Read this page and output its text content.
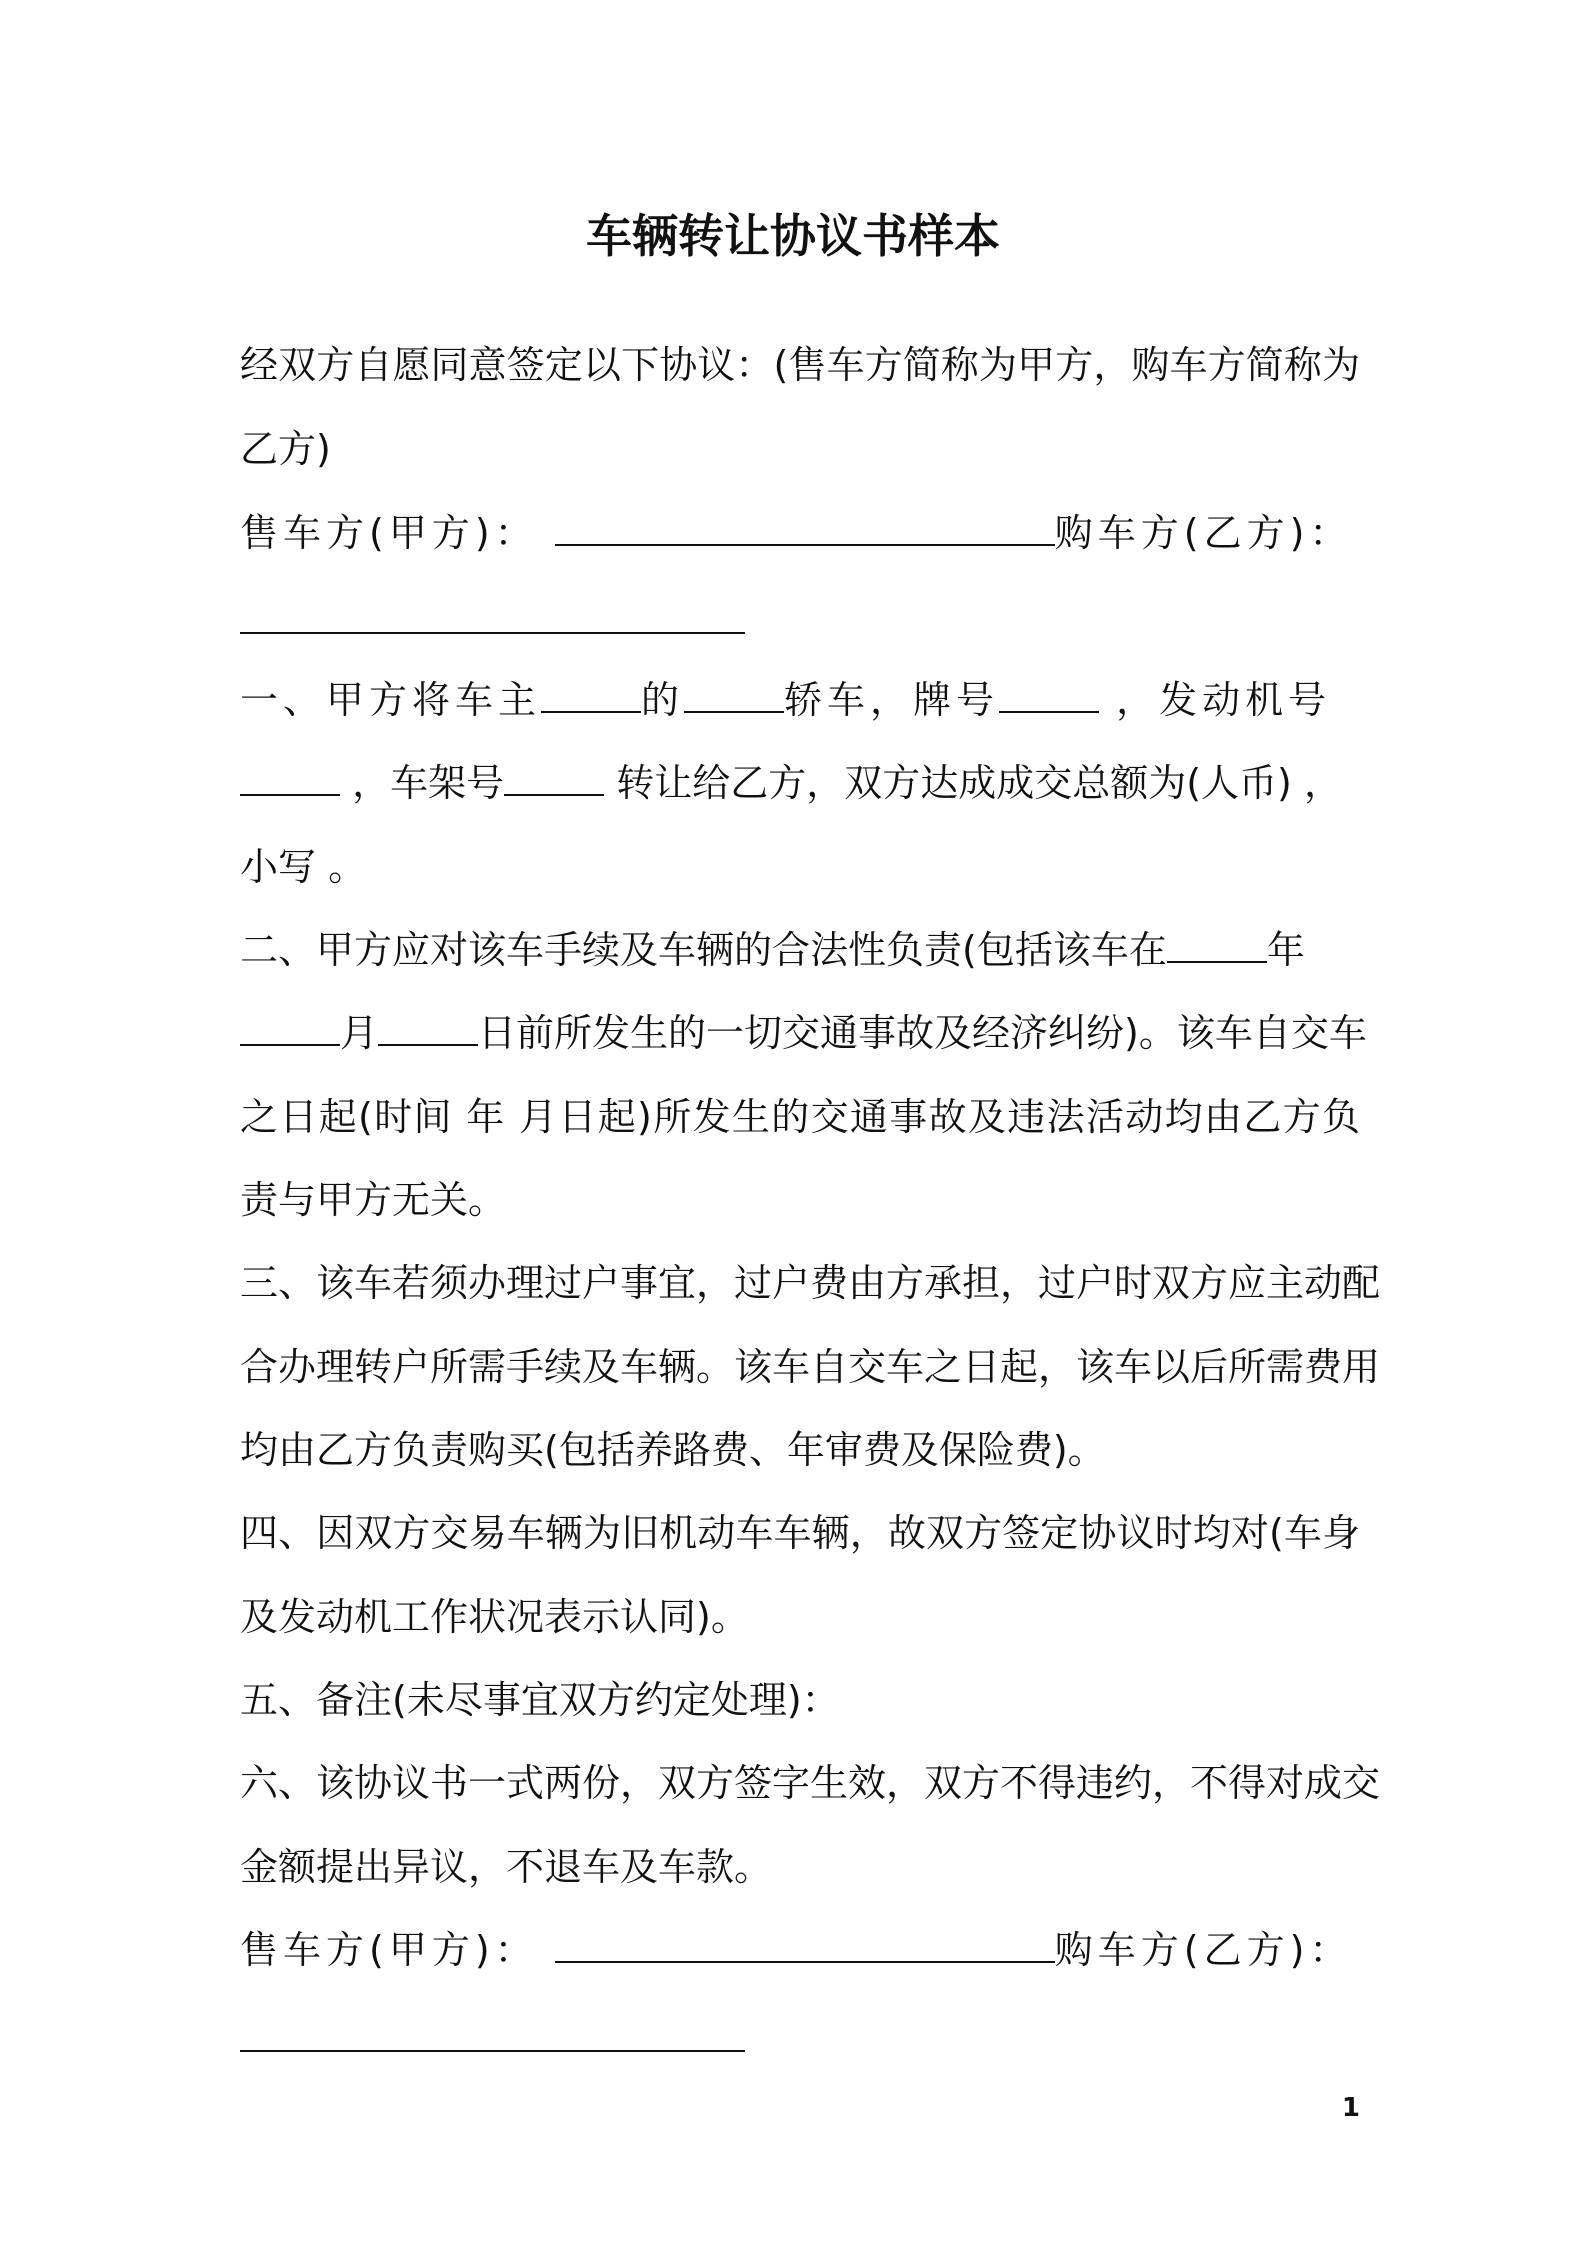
车辆转让协议书样本
经双方自愿同意签定以下协议：(售车方简称为甲方，购车方简称为
乙方)
售车方(甲方)：	购车方(乙方)：
一、甲方将车主	的	轿车，牌号	，发动机号
，车架号	转让给乙方，双方达成成交总额为(人币) ，
小写 。
二、甲方应对该车手续及车辆的合法性负责(包括该车在	年
月	日前所发生的一切交通事故及经济纠纷)。该车自交车
之日起(时间 年 月日起)所发生的交通事故及违法活动均由乙方负
责与甲方无关。
三、该车若须办理过户事宜，过户费由方承担，过户时双方应主动配
合办理转户所需手续及车辆。该车自交车之日起，该车以后所需费用
均由乙方负责购买(包括养路费、年审费及保险费)。
四、因双方交易车辆为旧机动车车辆，故双方签定协议时均对(车身
及发动机工作状况表示认同)。
五、备注(未尽事宜双方约定处理)：
六、该协议书一式两份，双方签字生效，双方不得违约，不得对成交
金额提出异议，不退车及车款。
售车方(甲方)：	购车方(乙方)：
1
